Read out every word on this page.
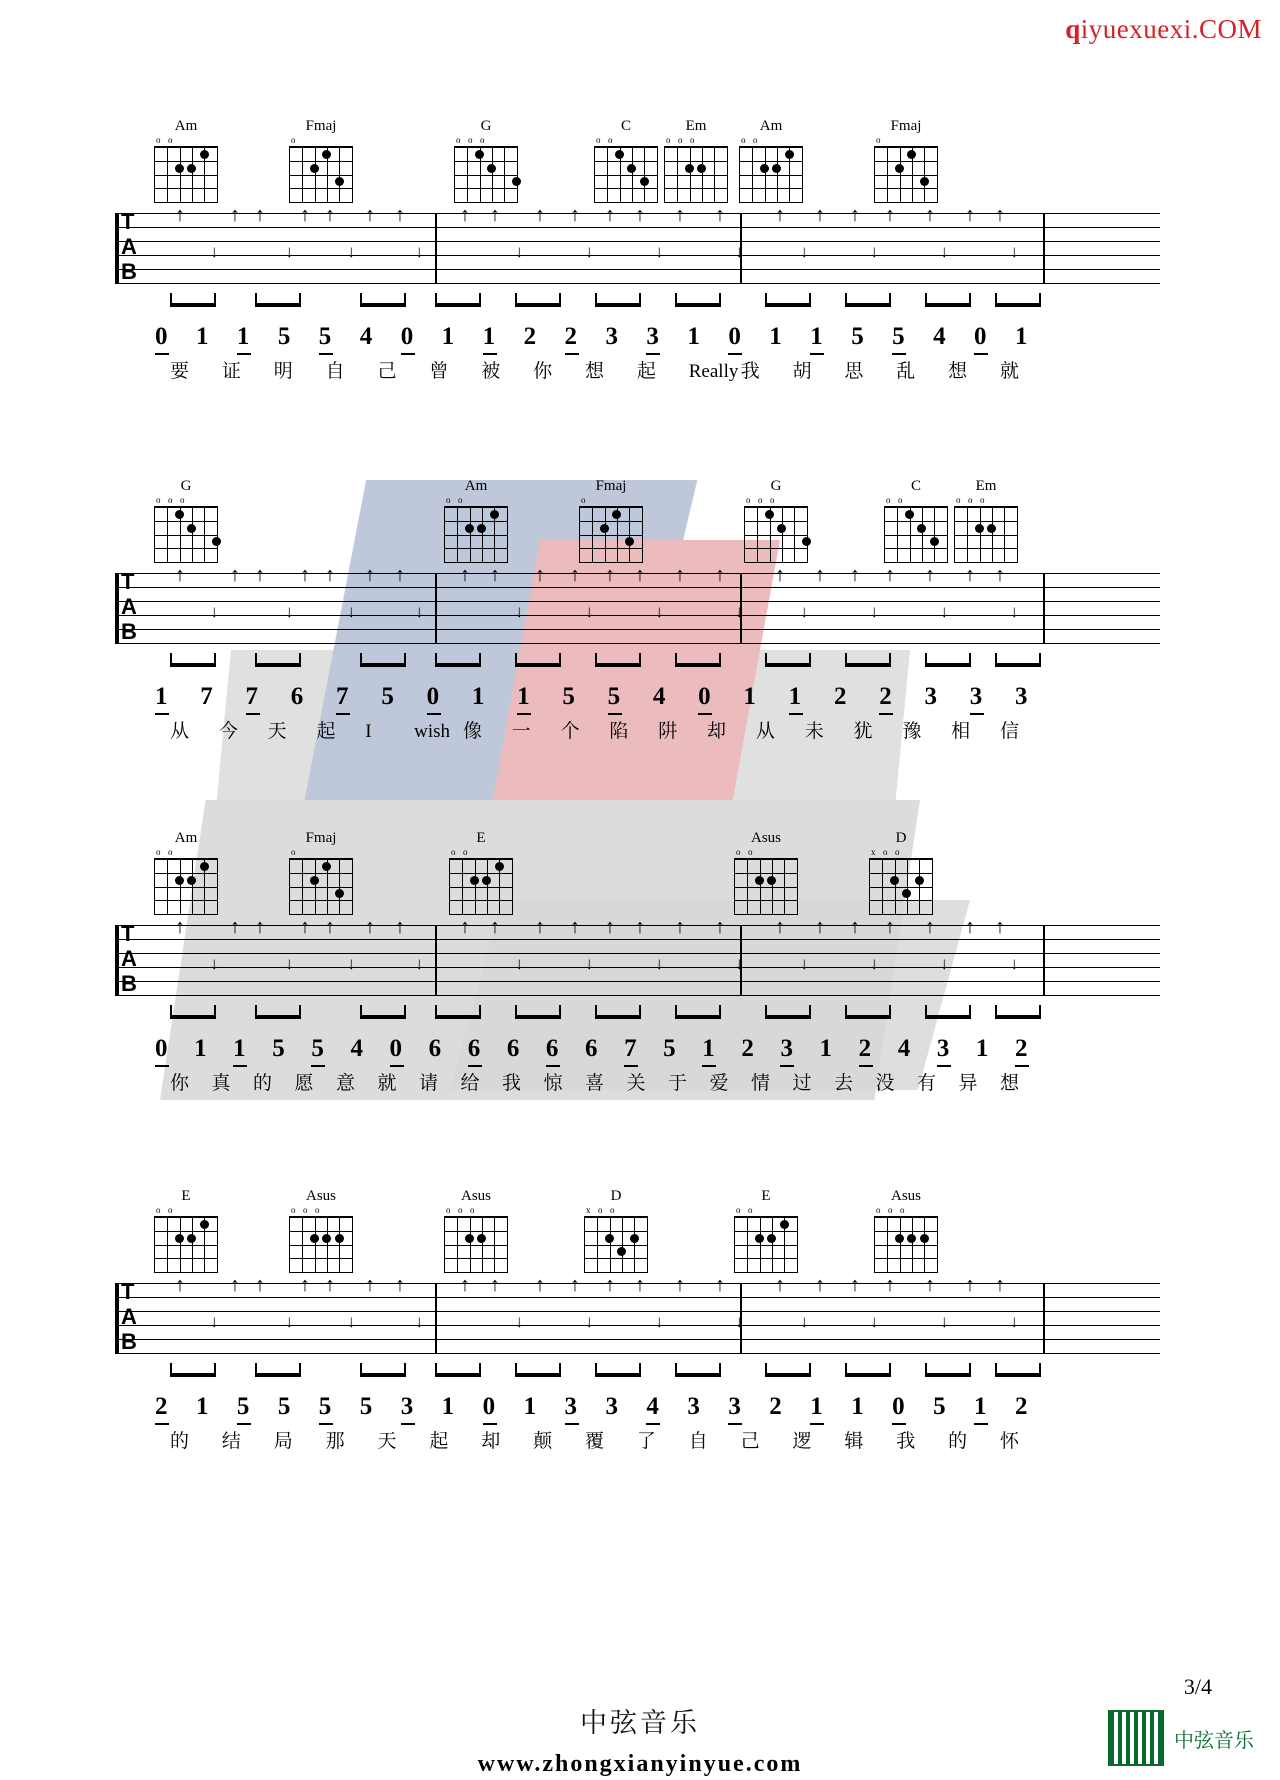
qiyuexuexi.COM
Am
o o
Fmaj
o
G
o o o
C
o o
Em
o o o
Am
o o
Fmaj
o
T
A
B
↑ ↑ ↑ ↑ ↑ ↑ ↑	↑ ↑ ↑ ↑ ↑ ↑ ↑ ↑	↑ ↑ ↑ ↑ ↑ ↑ ↑
↓	↓	↓	↓	↓	↓	↓	↓	↓	↓	↓	↓
0 1 1 5 5 4 0 1 1 2 2 3 3 1 0 1 1 5 5 4 0 1
要 证 明 自 己 曾 被 你 想 起 Really 我 胡 思 乱 想 就
G
o o o
Am
o o
Fmaj
o
G
o o o
C
o o
Em
o o o
T
A
B
↑ ↑ ↑ ↑ ↑ ↑ ↑	↑ ↑ ↑ ↑ ↑ ↑ ↑ ↑	↑ ↑ ↑ ↑ ↑ ↑ ↑
↓	↓	↓	↓	↓	↓	↓	↓	↓	↓	↓	↓
1 7 7 6 7 5 0 1 1 5 5 4 0 1 1 2 2 3 3 3
从 今 天 起 I wish 像 一 个 陷 阱 却 从 未 犹 豫 相 信
Am
o o
Fmaj
o
E
o o
Asus
o o
D
x o o
T
A
B
↑ ↑ ↑ ↑ ↑ ↑ ↑	↑ ↑ ↑ ↑ ↑ ↑ ↑ ↑	↑ ↑ ↑ ↑ ↑ ↑ ↑
↓	↓	↓	↓	↓	↓	↓	↓	↓	↓	↓	↓
0 1 1 5 5 4 0 6 6 6 6 6 7 5 1 2 3 1 2 4 3 1 2
你 真 的 愿 意 就 请 给 我 惊 喜 关 于 爱 情 过 去 没 有 异 想
E
o o
Asus
o o o
Asus
o o o
D
x o o
E
o o
Asus
o o o
T
A
B
↑ ↑ ↑ ↑ ↑ ↑ ↑	↑ ↑ ↑ ↑ ↑ ↑ ↑ ↑	↑ ↑ ↑ ↑ ↑ ↑ ↑
↓	↓	↓	↓	↓	↓	↓	↓	↓	↓	↓	↓
2 1 5 5 5 5 3 1 0 1 3 3 4 3 3 2 1 1 0 5 1 2
的 结 局 那 天 起 却 颠 覆 了 自 己 逻 辑 我 的 怀
3/4
中弦音乐
www.zhongxianyinyue.com
中弦音乐
